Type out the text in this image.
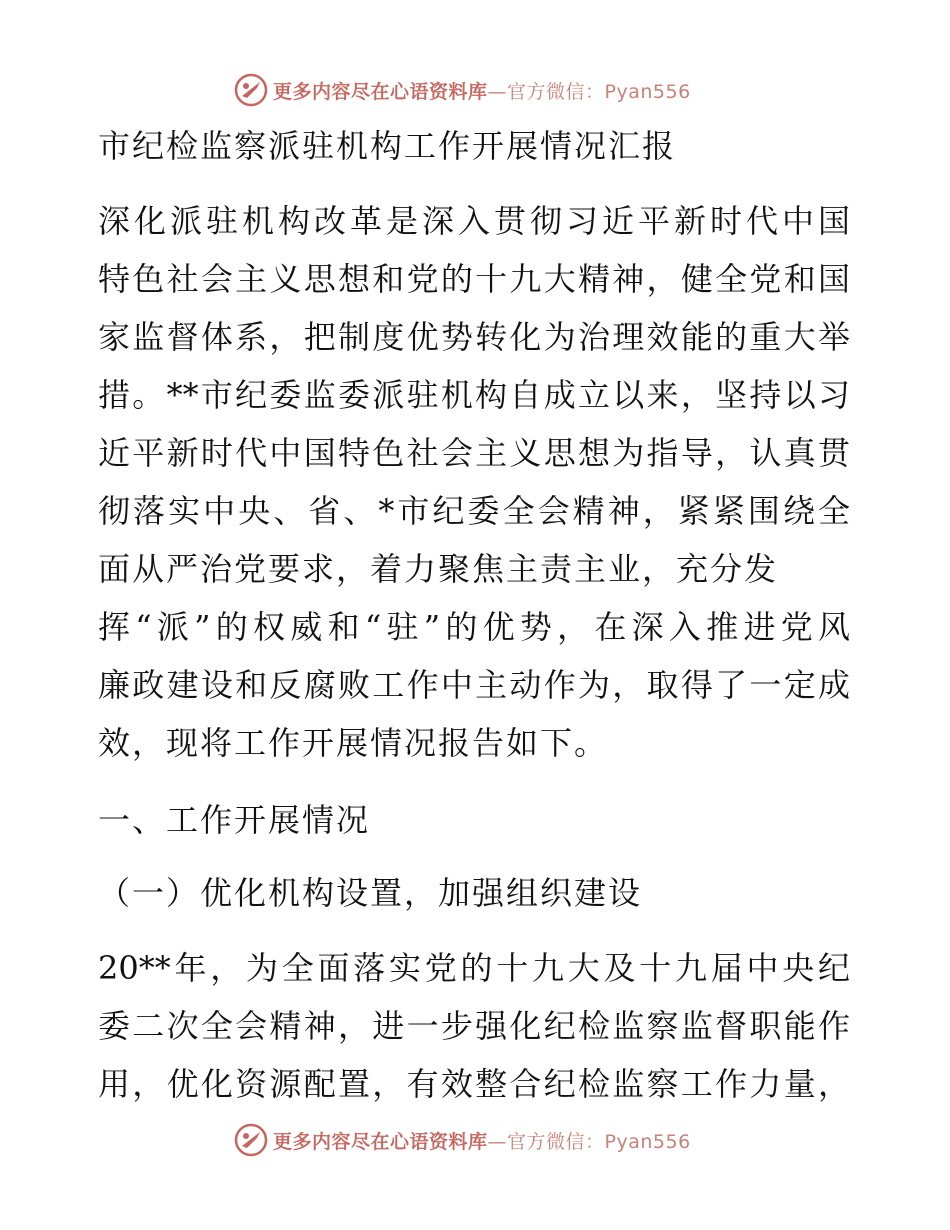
更多内容尽在心语资料库—官方微信：Pyan556
市纪检监察派驻机构工作开展情况汇报
深化派驻机构改革是深入贯彻习近平新时代中国
特色社会主义思想和党的十九大精神，健全党和国
家监督体系，把制度优势转化为治理效能的重大举
措。**市纪委监委派驻机构自成立以来，坚持以习
近平新时代中国特色社会主义思想为指导，认真贯
彻落实中央、省、*市纪委全会精神，紧紧围绕全
面从严治党要求，着力聚焦主责主业，充分发
挥“派”的权威和“驻”的优势，在深入推进党风
廉政建设和反腐败工作中主动作为，取得了一定成
效，现将工作开展情况报告如下。
一、工作开展情况
（一）优化机构设置，加强组织建设
20**年，为全面落实党的十九大及十九届中央纪
委二次全会精神，进一步强化纪检监察监督职能作
用，优化资源配置，有效整合纪检监察工作力量，
更多内容尽在心语资料库—官方微信：Pyan556
